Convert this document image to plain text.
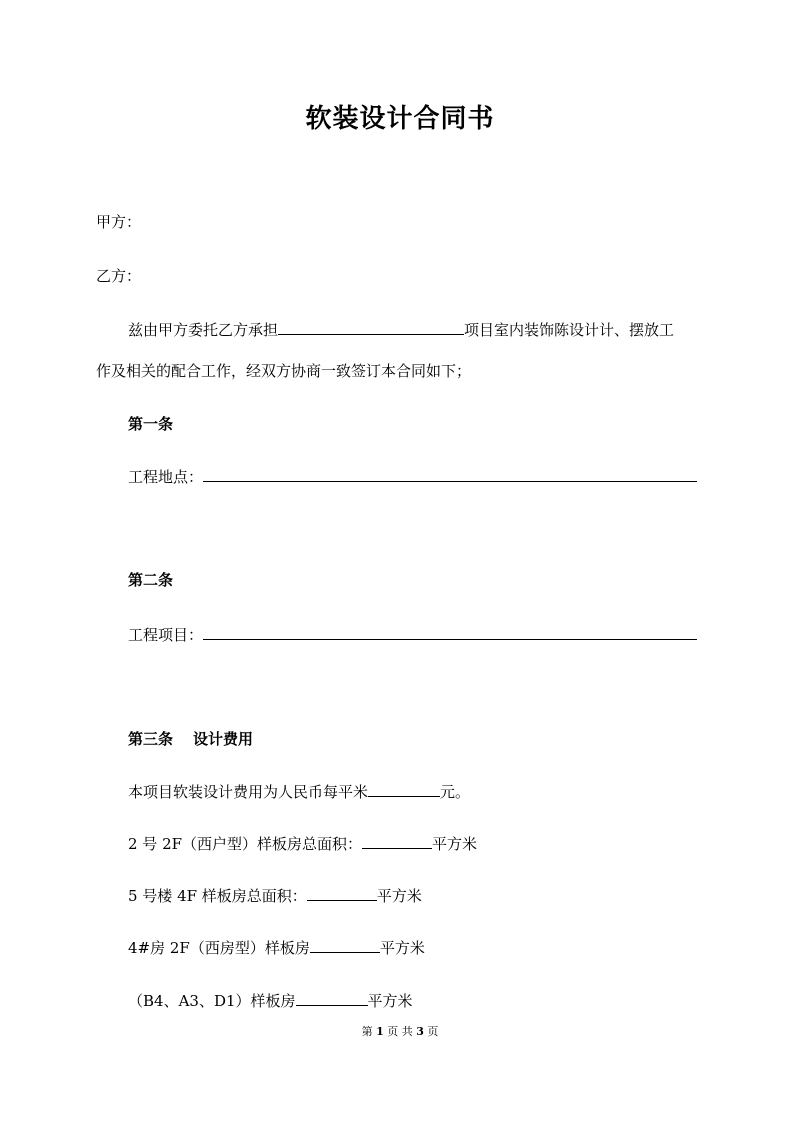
软装设计合同书
甲方：
乙方：
兹由甲方委托乙方承担	项目室内装饰陈设计计、摆放工
作及相关的配合工作，经双方协商一致签订本合同如下；
第一条
工程地点：
第二条
工程项目：
第三条 设计费用
本项目软装设计费用为人民币每平米	元。
2 号 2F（西户型）样板房总面积：	平方米
5 号楼 4F 样板房总面积：	平方米
4#房 2F（西房型）样板房	平方米
（B4、A3、D1）样板房	平方米
第 1 页 共 3 页
